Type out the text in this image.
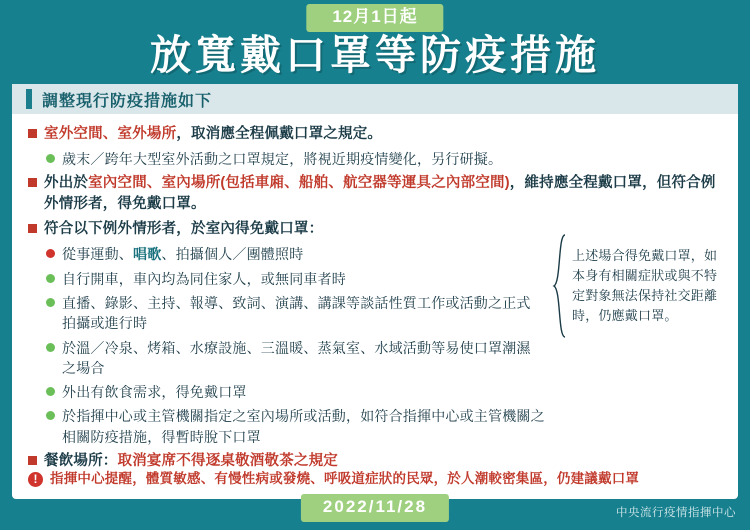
12月1日起
放寬戴口罩等防疫措施
調整現行防疫措施如下
室外空間、室外場所，取消應全程佩戴口罩之規定。
歲末／跨年大型室外活動之口罩規定，將視近期疫情變化，另行研擬。
外出於室內空間、室內場所(包括車廂、船舶、航空器等運具之內部空間)，維持應全程戴口罩，但符合例外情形者，得免戴口罩。
符合以下例外情形者，於室內得免戴口罩：
從事運動、唱歌、拍攝個人／團體照時
自行開車，車內均為同住家人，或無同車者時
直播、錄影、主持、報導、致詞、演講、講課等談話性質工作或活動之正式拍攝或進行時
於溫／冷泉、烤箱、水療設施、三溫暖、蒸氣室、水域活動等易使口罩潮濕之場合
外出有飲食需求，得免戴口罩
於指揮中心或主管機關指定之室內場所或活動，如符合指揮中心或主管機關之相關防疫措施，得暫時脫下口罩
餐飲場所：取消宴席不得逐桌敬酒敬茶之規定
上述場合得免戴口罩，如本身有相關症狀或與不特定對象無法保持社交距離時，仍應戴口罩。
! 指揮中心提醒，體質敏感、有慢性病或發燒、呼吸道症狀的民眾，於人潮較密集區，仍建議戴口罩
2022/11/28	中央流行疫情指揮中心
